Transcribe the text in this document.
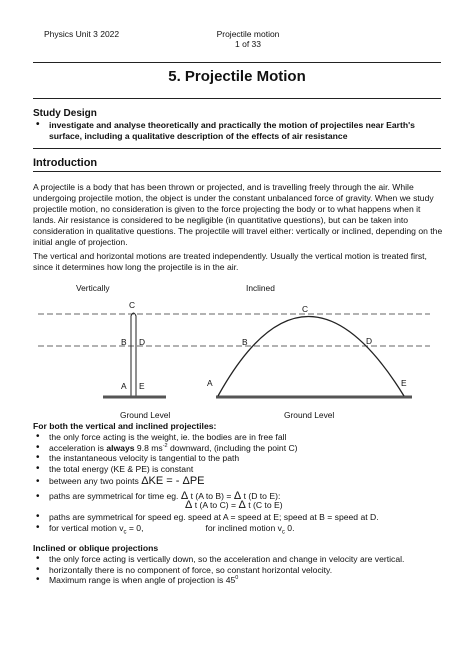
Physics Unit 3 2022	Projectile motion
1 of 33
5. Projectile Motion
Study Design
• investigate and analyse theoretically and practically the motion of projectiles near Earth's surface, including a qualitative description of the effects of air resistance
Introduction
A projectile is a body that has been thrown or projected, and is travelling freely through the air. While undergoing projectile motion, the object is under the constant unbalanced force of gravity. When we study projectile motion, no consideration is given to the force projecting the body or to what happens when it lands. Air resistance is considered to be negligible (in quantitative questions), but can be taken into consideration in qualitative questions. The projectile will travel either: vertically or inclined, depending on the initial angle of projection.
The vertical and horizontal motions are treated independently. Usually the vertical motion is treated first, since it determines how long the projectile is in the air.
Vertically	Inclined
C
B D
A E
C
B	D
A	E
Ground Level	Ground Level
For both the vertical and inclined projectiles:
• the only force acting is the weight, ie. the bodies are in free fall
• acceleration is always 9.8 $ms^{-2}$ downward, (including the point C)
• the instantaneous velocity is tangential to the path
• the total energy (KE & PE) is constant
• between any two points ΔKE = - ΔPE
• paths are symmetrical for time eg. Δ t (A to B) = Δ t (D to E):
Δ t (A to C) = Δ t (C to E)
• paths are symmetrical for speed eg. speed at A = speed at E; speed at B = speed at D.
• for vertical motion $v_c = 0$,	for inclined motion $v_c$ 0.
Inclined or oblique projections
• the only force acting is vertically down, so the acceleration and change in velocity are vertical.
• horizontally there is no component of force, so constant horizontal velocity.
• Maximum range is when angle of projection is $45^0$
